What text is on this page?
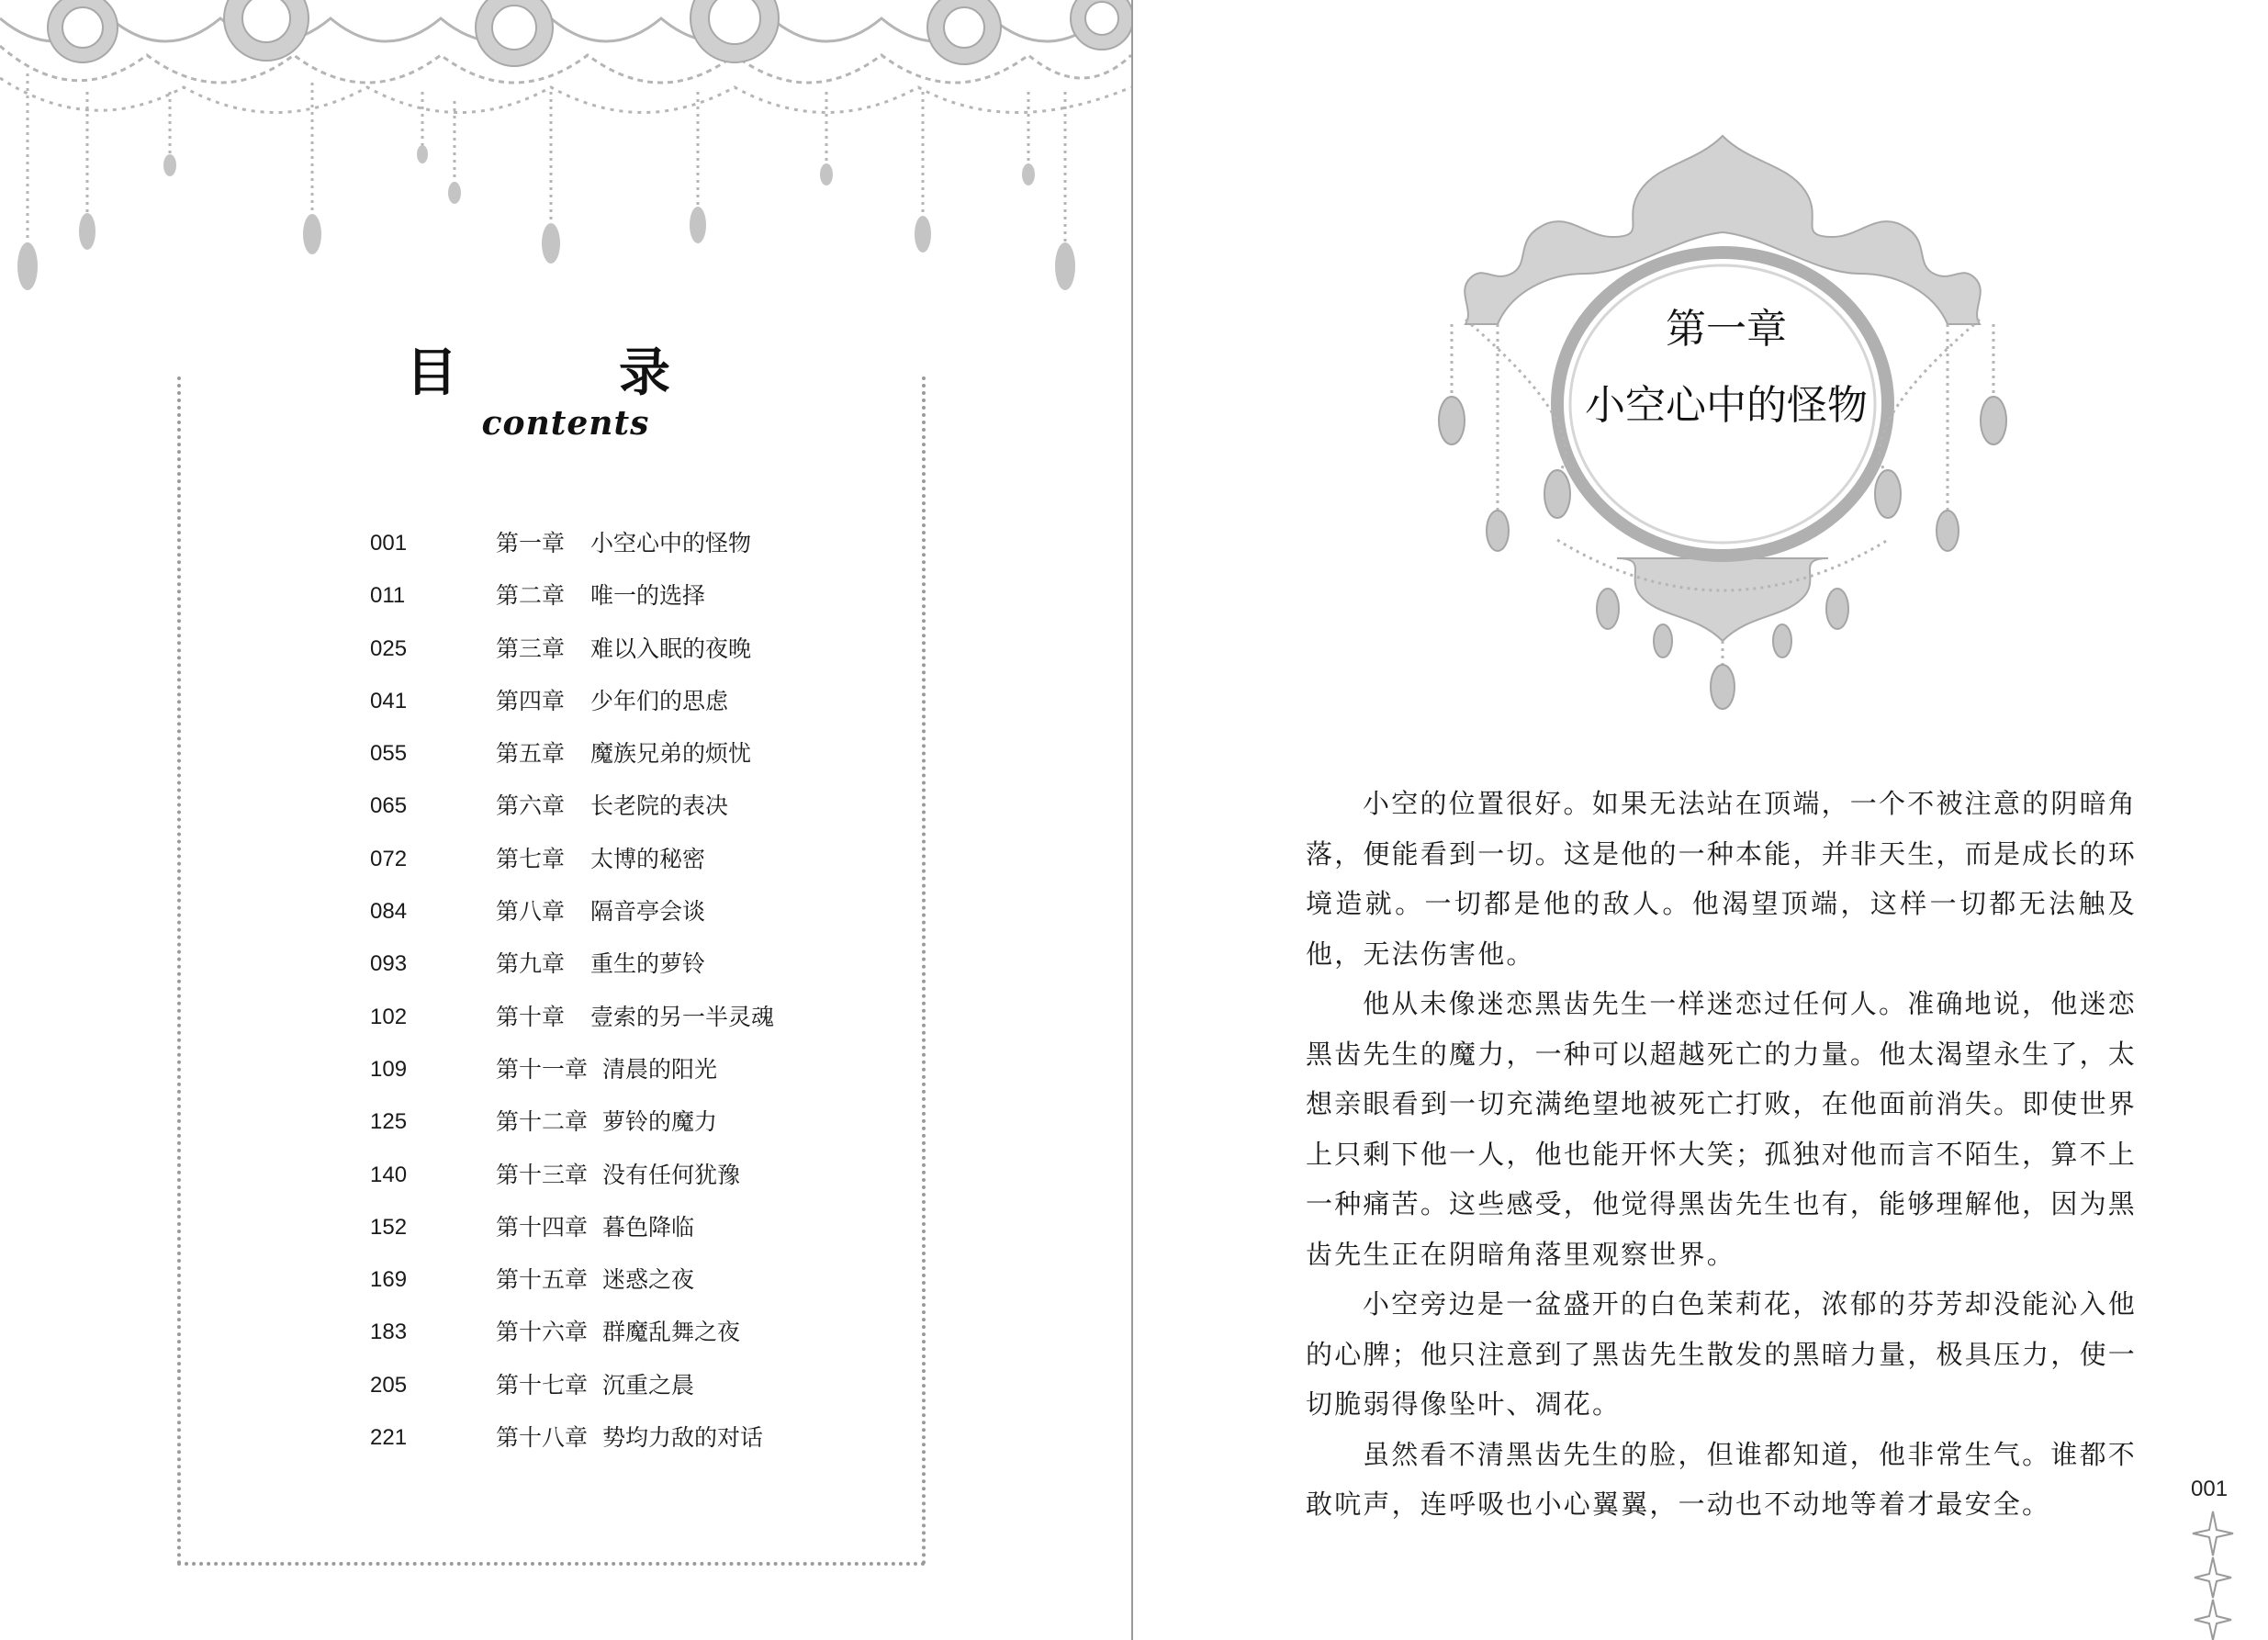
目　录
contents
001	第一章 小空心中的怪物
011	第二章 唯一的选择
025	第三章 难以入眠的夜晚
041	第四章 少年们的思虑
055	第五章 魔族兄弟的烦忧
065	第六章 长老院的表决
072	第七章 太博的秘密
084	第八章 隔音亭会谈
093	第九章 重生的萝铃
102	第十章 壹索的另一半灵魂
109	第十一章 清晨的阳光
125	第十二章 萝铃的魔力
140	第十三章 没有任何犹豫
152	第十四章 暮色降临
169	第十五章 迷惑之夜
183	第十六章 群魔乱舞之夜
205	第十七章 沉重之晨
221	第十八章 势均力敌的对话
第一章
小空心中的怪物

小空的位置很好。如果无法站在顶端，一个不被注意的阴暗角落，便能看到一切。这是他的一种本能，并非天生，而是成长的环境造就。一切都是他的敌人。他渴望顶端，这样一切都无法触及他，无法伤害他。

他从未像迷恋黑齿先生一样迷恋过任何人。准确地说，他迷恋黑齿先生的魔力，一种可以超越死亡的力量。他太渴望永生了，太想亲眼看到一切充满绝望地被死亡打败，在他面前消失。即使世界上只剩下他一人，他也能开怀大笑；孤独对他而言不陌生，算不上一种痛苦。这些感受，他觉得黑齿先生也有，能够理解他，因为黑齿先生正在阴暗角落里观察世界。

小空旁边是一盆盛开的白色茉莉花，浓郁的芬芳却没能沁入他的心脾；他只注意到了黑齿先生散发的黑暗力量，极具压力，使一切脆弱得像坠叶、凋花。

虽然看不清黑齿先生的脸，但谁都知道，他非常生气。谁都不敢吭声，连呼吸也小心翼翼，一动也不动地等着才最安全。	001
